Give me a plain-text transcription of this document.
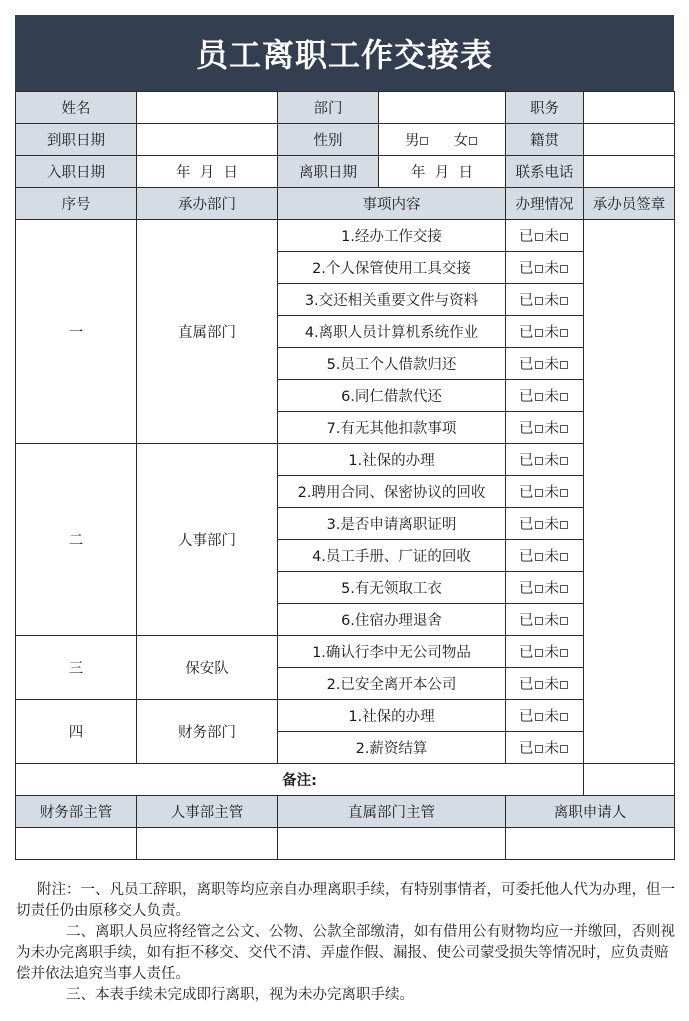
员工离职工作交接表
姓名		部门		职务	
到职日期		性别	男 女	籍贯	
入职日期	年  月  日	离职日期	年  月  日	联系电话	
序号	承办部门	事项内容		办理情况	承办员签章
一	直属部门	1.经办工作交接		已 未	
		2.个人保管使用工具交接		已 未	
		3.交还相关重要文件与资料		已 未	
		4.离职人员计算机系统作业		已 未	
		5.员工个人借款归还		已 未	
		6.同仁借款代还		已 未	
		7.有无其他扣款事项		已 未	
二	人事部门	1.社保的办理		已 未	
		2.聘用合同、保密协议的回收		已 未	
		3.是否申请离职证明		已 未	
		4.员工手册、厂证的回收		已 未	
		5.有无领取工衣		已 未	
		6.住宿办理退舍		已 未	
三	保安队	1.确认行李中无公司物品		已 未	
		2.已安全离开本公司		已 未	
四	财务部门	1.社保的办理		已 未	
		2.薪资结算		已 未	
备注:					
财务部主管	人事部主管	直属部门主管		离职申请人	

附注：一、凡员工辞职，离职等均应亲自办理离职手续，有特别事情者，可委托他人代为办理，但一切责任仍由原移交人负责。

二、离职人员应将经管之公文、公物、公款全部缴清，如有借用公有财物均应一并缴回，否则视为未办完离职手续，如有拒不移交、交代不清、弄虚作假、漏报、使公司蒙受损失等情况时，应负责赔偿并依法追究当事人责任。

三、本表手续未完成即行离职，视为未办完离职手续。
